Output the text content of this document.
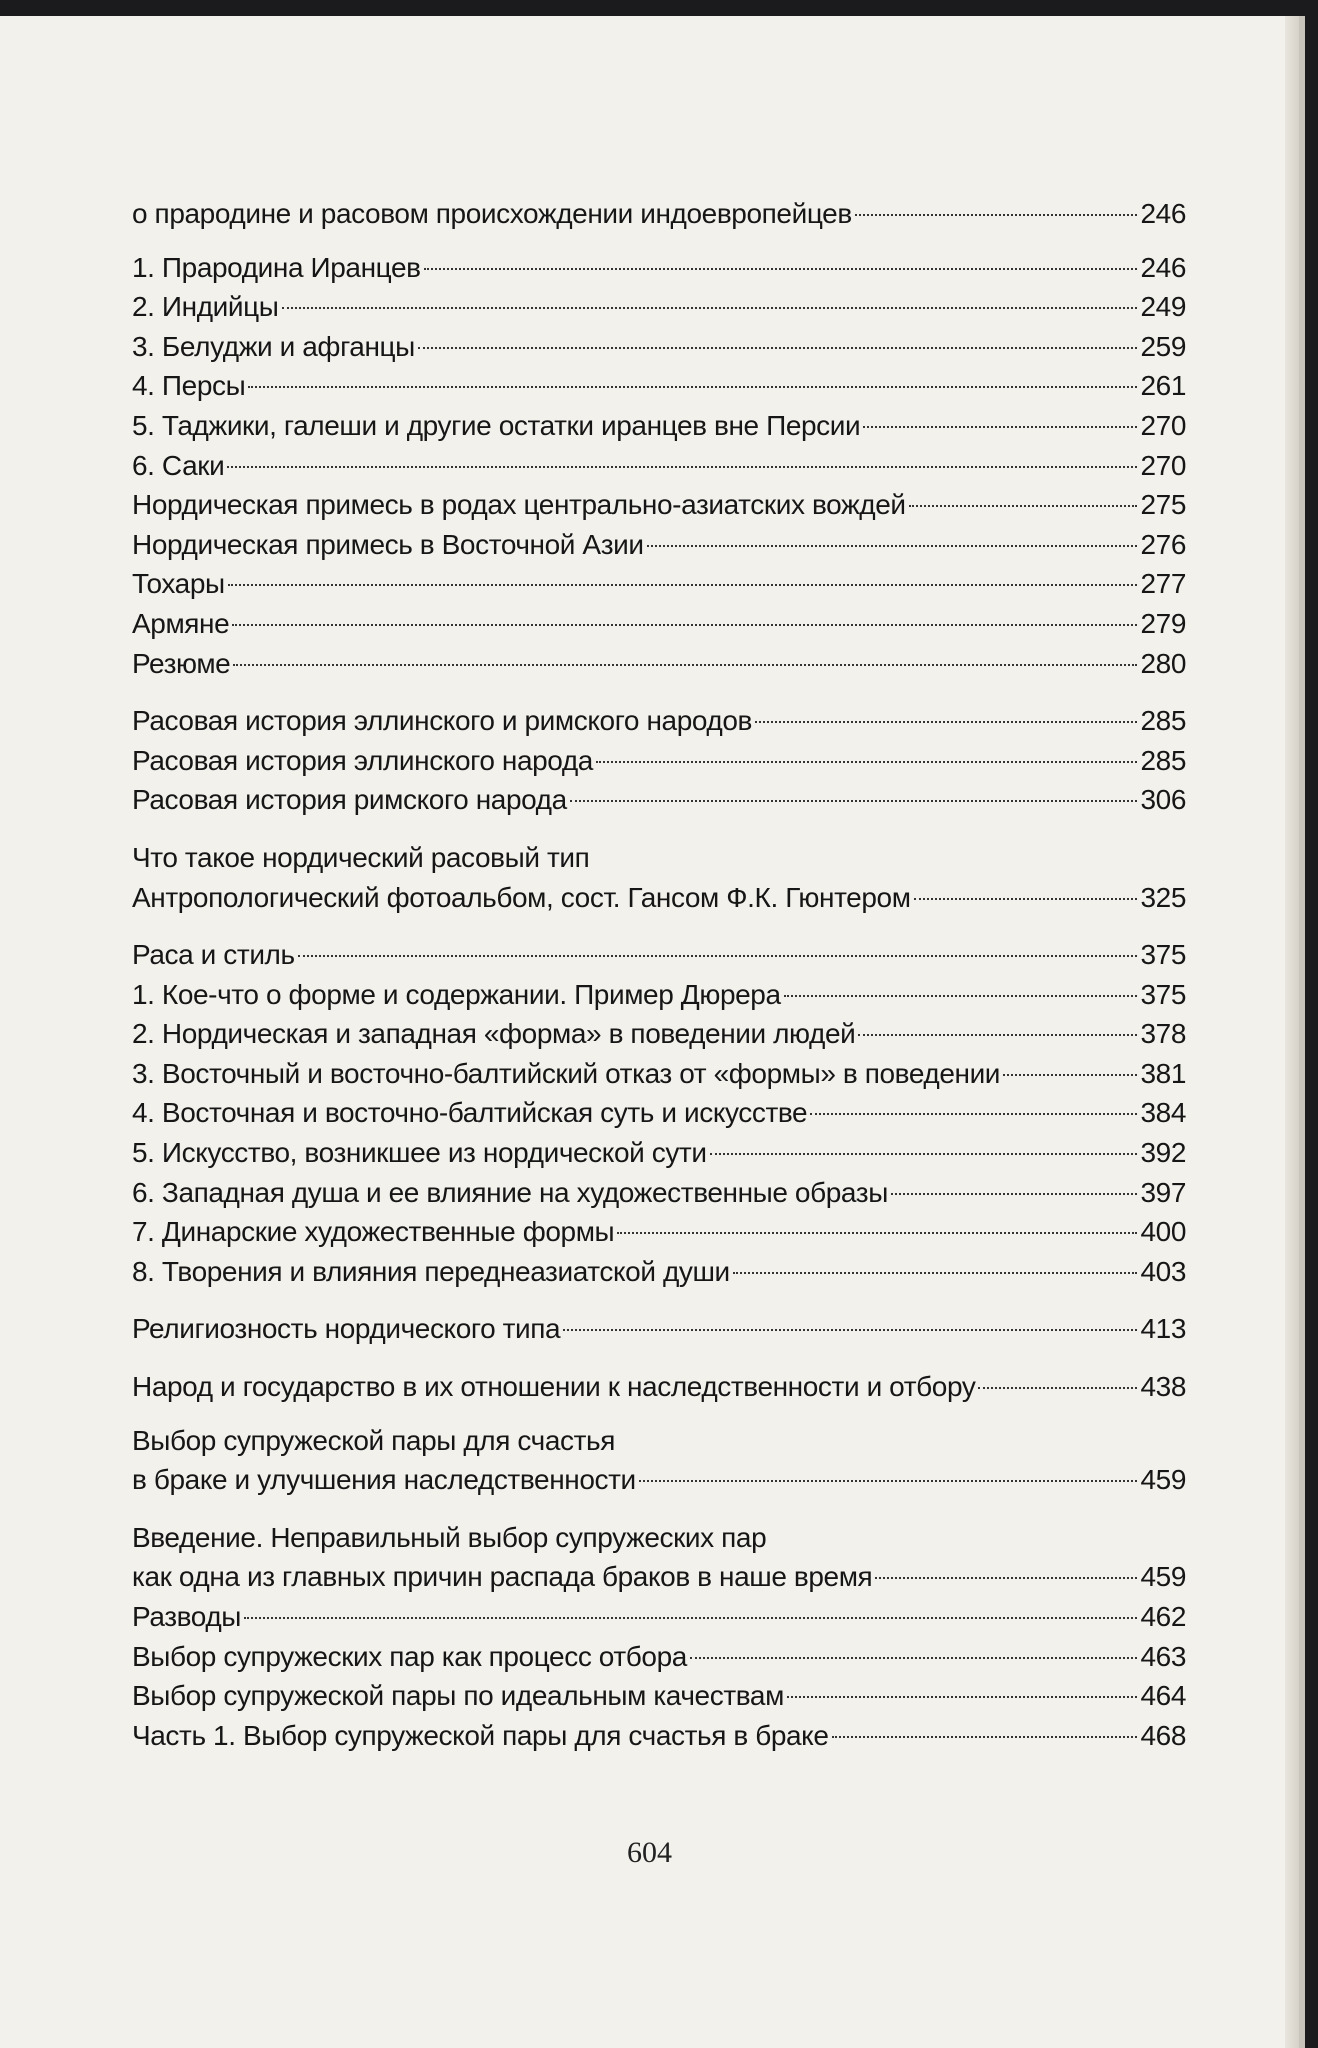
о прародине и расовом происхождении индоевропейцев	246
1. Прародина Иранцев	246
2. Индийцы	249
3. Белуджи и афганцы	259
4. Персы	261
5. Таджики, галеши и другие остатки иранцев вне Персии	270
6. Саки	270
Нордическая примесь в родах центрально-азиатских вождей	275
Нордическая примесь в Восточной Азии	276
Тохары	277
Армяне	279
Резюме	280
Расовая история эллинского и римского народов	285
Расовая история эллинского народа	285
Расовая история римского народа	306
Что такое нордический расовый тип
Антропологический фотоальбом, сост. Гансом Ф.К. Гюнтером	325
Раса и стиль	375
1. Кое-что о форме и содержании. Пример Дюрера	375
2. Нордическая и западная «форма» в поведении людей	378
3. Восточный и восточно-балтийский отказ от «формы» в поведении	381
4. Восточная и восточно-балтийская суть и искусстве	384
5. Искусство, возникшее из нордической сути	392
6. Западная душа и ее влияние на художественные образы	397
7. Динарские художественные формы	400
8. Творения и влияния переднеазиатской души	403
Религиозность нордического типа	413
Народ и государство в их отношении к наследственности и отбору	438
Выбор супружеской пары для счастья
в браке и улучшения наследственности	459
Введение. Неправильный выбор супружеских пар
как одна из главных причин распада браков в наше время	459
Разводы	462
Выбор супружеских пар как процесс отбора	463
Выбор супружеской пары по идеальным качествам	464
Часть 1. Выбор супружеской пары для счастья в браке	468
604
